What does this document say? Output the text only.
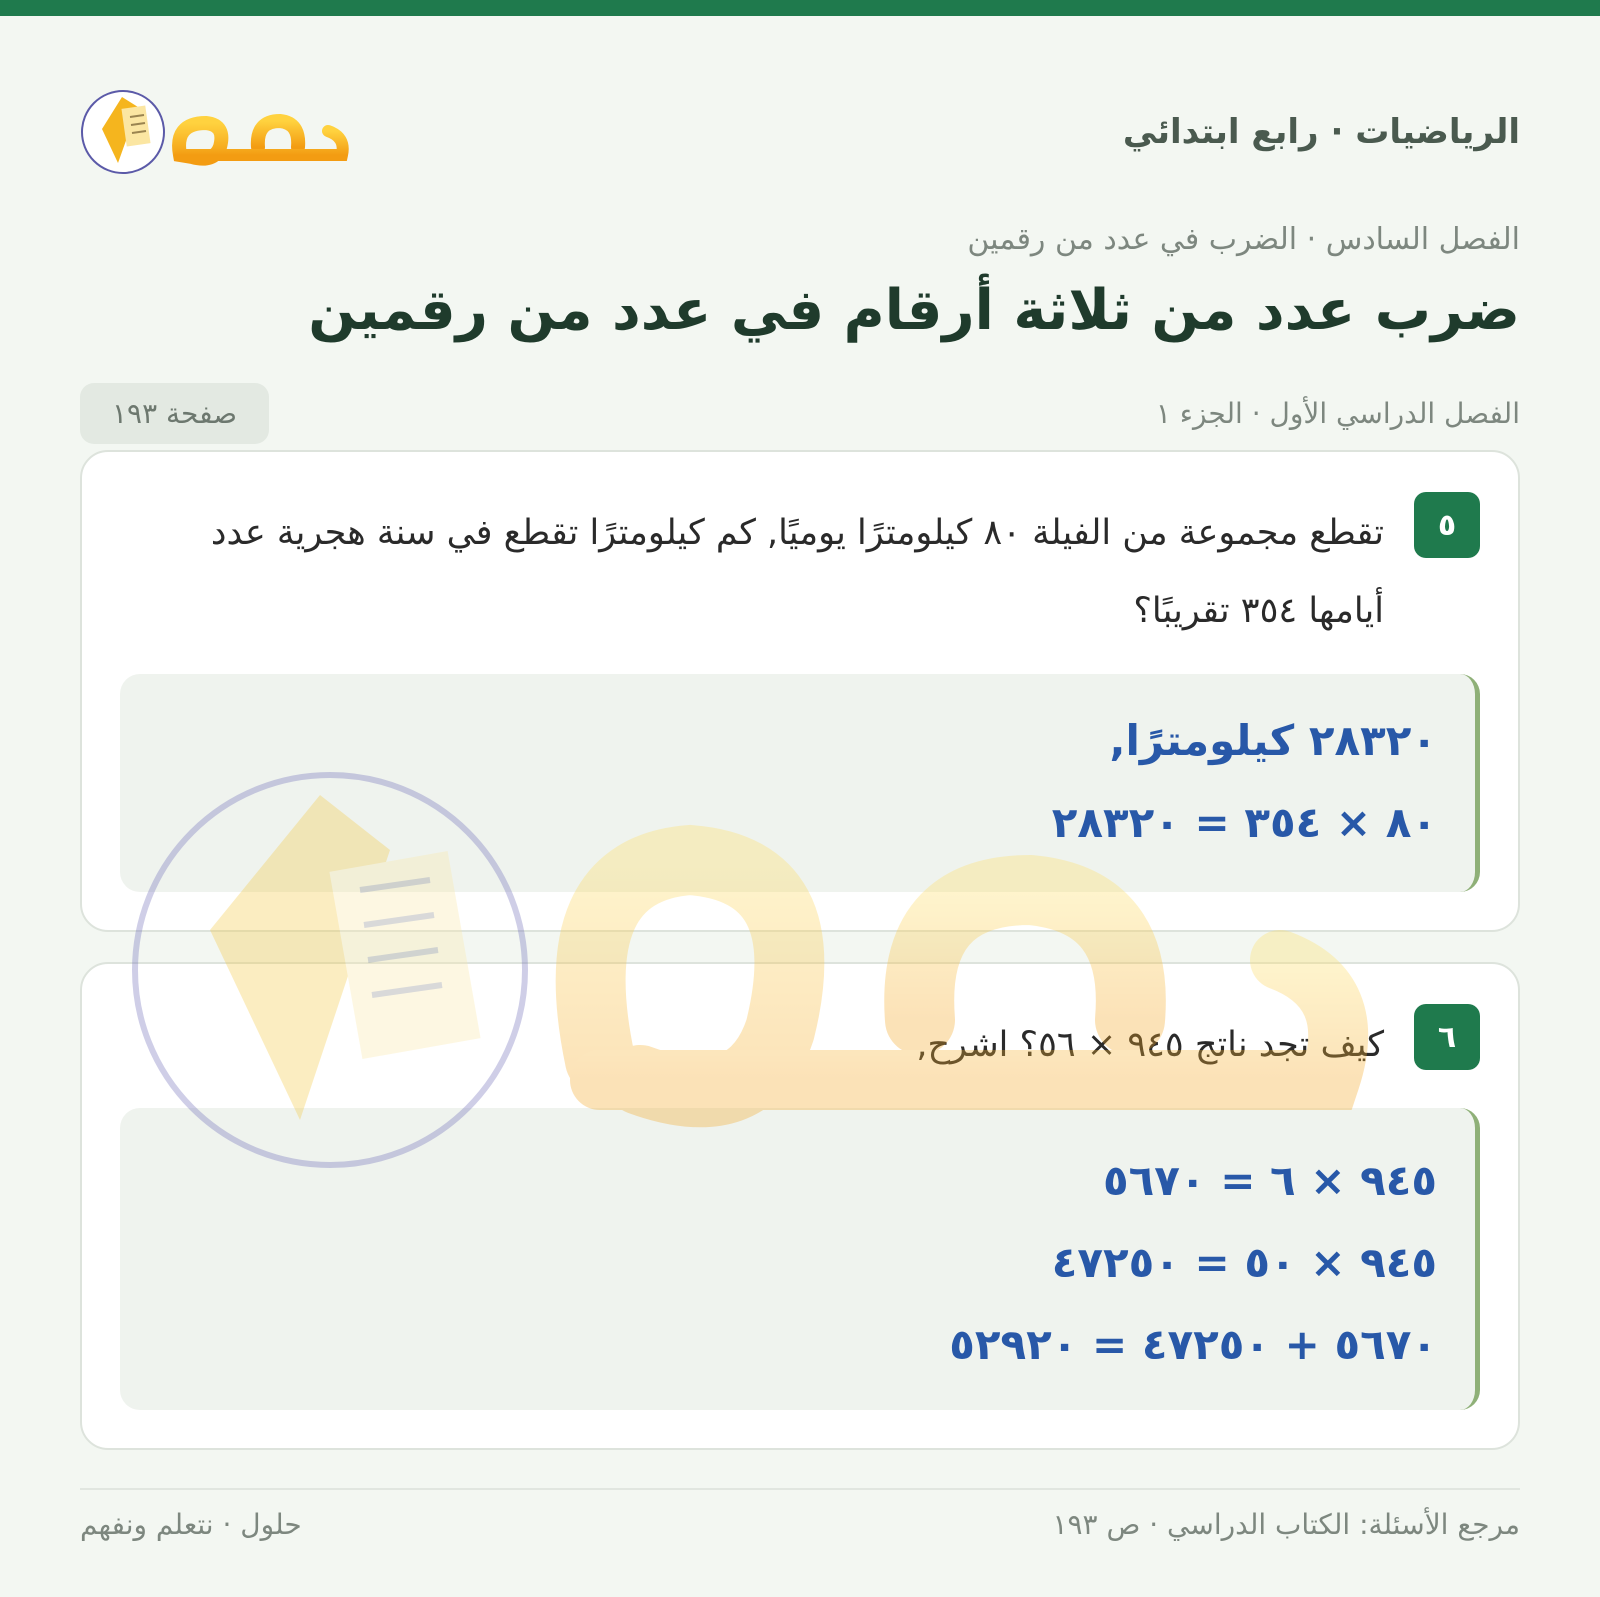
الرياضيات · رابع ابتدائي
الفصل السادس · الضرب في عدد من رقمين
ضرب عدد من ثلاثة أرقام في عدد من رقمين
الفصل الدراسي الأول · الجزء ١
صفحة ١٩٣
٥
تقطع مجموعة من الفيلة ٨٠ كيلومترًا يوميًا, كم كيلومترًا تقطع في سنة هجرية عدد أيامها ٣٥٤ تقريبًا؟
٢٨٣٢٠ كيلومترًا,
٨٠ × ٣٥٤ = ٢٨٣٢٠
٦
كيف تجد ناتج ٩٤٥ × ٥٦؟ اشرح,
٩٤٥ × ٦ = ٥٦٧٠
٩٤٥ × ٥٠ = ٤٧٢٥٠
٥٦٧٠ + ٤٧٢٥٠ = ٥٢٩٢٠
مرجع الأسئلة: الكتاب الدراسي · ص ١٩٣
حلول · نتعلم ونفهم
